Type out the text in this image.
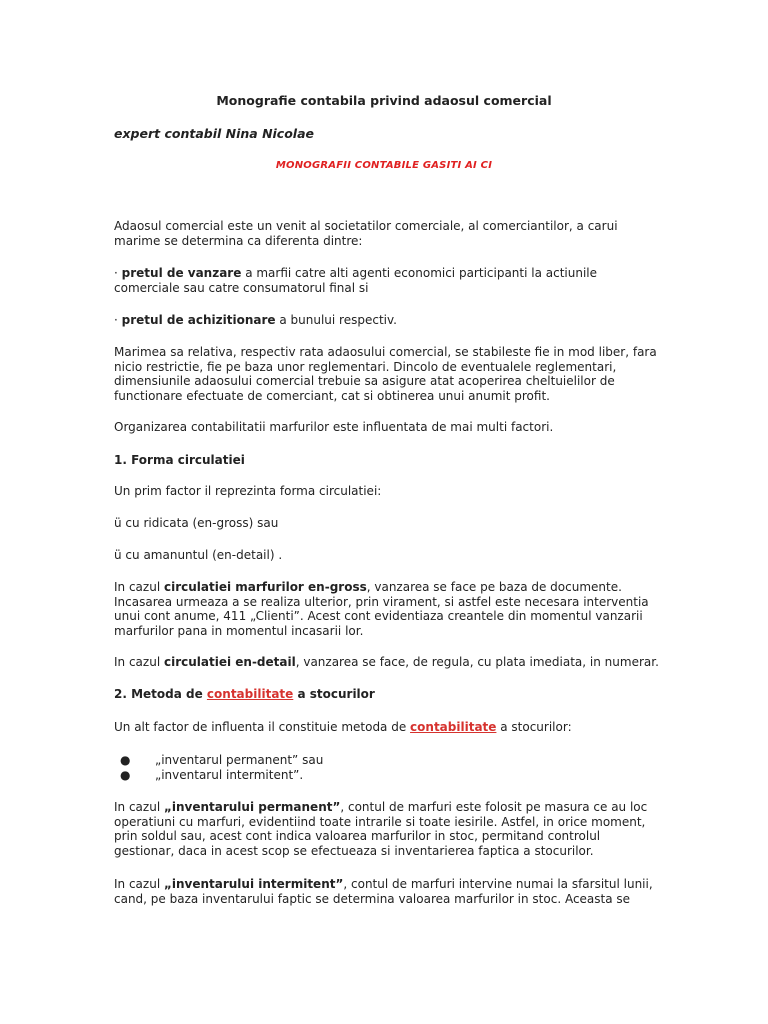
Monografie contabila privind adaosul comercial
expert contabil Nina Nicolae
MONOGRAFII CONTABILE GASITI AI CI

Adaosul comercial este un venit al societatilor comerciale, al comerciantilor, a carui marime se determina ca diferenta dintre:

· pretul de vanzare a marfii catre alti agenti economici participanti la actiunile comerciale sau catre consumatorul final si

· pretul de achizitionare a bunului respectiv.

Marimea sa relativa, respectiv rata adaosului comercial, se stabileste fie in mod liber, fara nicio restrictie, fie pe baza unor reglementari. Dincolo de eventualele reglementari, dimensiunile adaosului comercial trebuie sa asigure atat acoperirea cheltuielilor de functionare efectuate de comerciant, cat si obtinerea unui anumit profit.

Organizarea contabilitatii marfurilor este influentata de mai multi factori.

1. Forma circulatiei

Un prim factor il reprezinta forma circulatiei:

ü cu ridicata (en-gross) sau

ü cu amanuntul (en-detail) .

In cazul circulatiei marfurilor en-gross, vanzarea se face pe baza de documente. Incasarea urmeaza a se realiza ulterior, prin virament, si astfel este necesara interventia unui cont anume, 411 „Clienti”. Acest cont evidentiaza creantele din momentul vanzarii marfurilor pana in momentul incasarii lor.

In cazul circulatiei en-detail, vanzarea se face, de regula, cu plata imediata, in numerar.

2. Metoda de contabilitate a stocurilor

Un alt factor de influenta il constituie metoda de contabilitate a stocurilor:

● „inventarul permanent” sau
● „inventarul intermitent”.

In cazul „inventarului permanent”, contul de marfuri este folosit pe masura ce au loc operatiuni cu marfuri, evidentiind toate intrarile si toate iesirile. Astfel, in orice moment, prin soldul sau, acest cont indica valoarea marfurilor in stoc, permitand controlul gestionar, daca in acest scop se efectueaza si inventarierea faptica a stocurilor.

In cazul „inventarului intermitent”, contul de marfuri intervine numai la sfarsitul lunii, cand, pe baza inventarului faptic se determina valoarea marfurilor in stoc. Aceasta se
